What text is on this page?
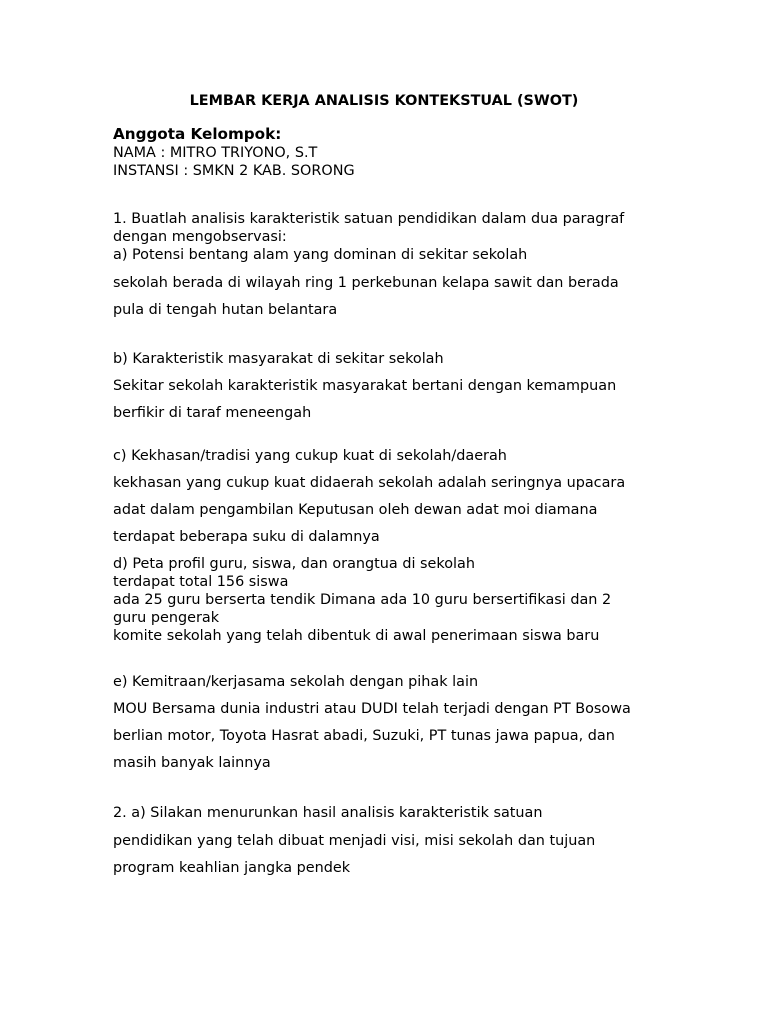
LEMBAR KERJA ANALISIS KONTEKSTUAL (SWOT)
Anggota Kelompok:
NAMA : MITRO TRIYONO, S.T
INSTANSI : SMKN 2 KAB. SORONG
1. Buatlah analisis karakteristik satuan pendidikan dalam dua paragraf
dengan mengobservasi:
a) Potensi bentang alam yang dominan di sekitar sekolah
sekolah berada di wilayah ring 1 perkebunan kelapa sawit dan berada
pula di tengah hutan belantara
b) Karakteristik masyarakat di sekitar sekolah
Sekitar sekolah karakteristik masyarakat bertani dengan kemampuan
berfikir di taraf meneengah
c) Kekhasan/tradisi yang cukup kuat di sekolah/daerah
kekhasan yang cukup kuat didaerah sekolah adalah seringnya upacara
adat dalam pengambilan Keputusan oleh dewan adat moi diamana
terdapat beberapa suku di dalamnya
d) Peta profil guru, siswa, dan orangtua di sekolah
terdapat total 156 siswa
ada 25 guru berserta tendik Dimana ada 10 guru bersertifikasi dan 2
guru pengerak
komite sekolah yang telah dibentuk di awal penerimaan siswa baru
e) Kemitraan/kerjasama sekolah dengan pihak lain
MOU Bersama dunia industri atau DUDI telah terjadi dengan PT Bosowa
berlian motor, Toyota Hasrat abadi, Suzuki, PT tunas jawa papua, dan
masih banyak lainnya
2. a) Silakan menurunkan hasil analisis karakteristik satuan
pendidikan yang telah dibuat menjadi visi, misi sekolah dan tujuan
program keahlian jangka pendek
